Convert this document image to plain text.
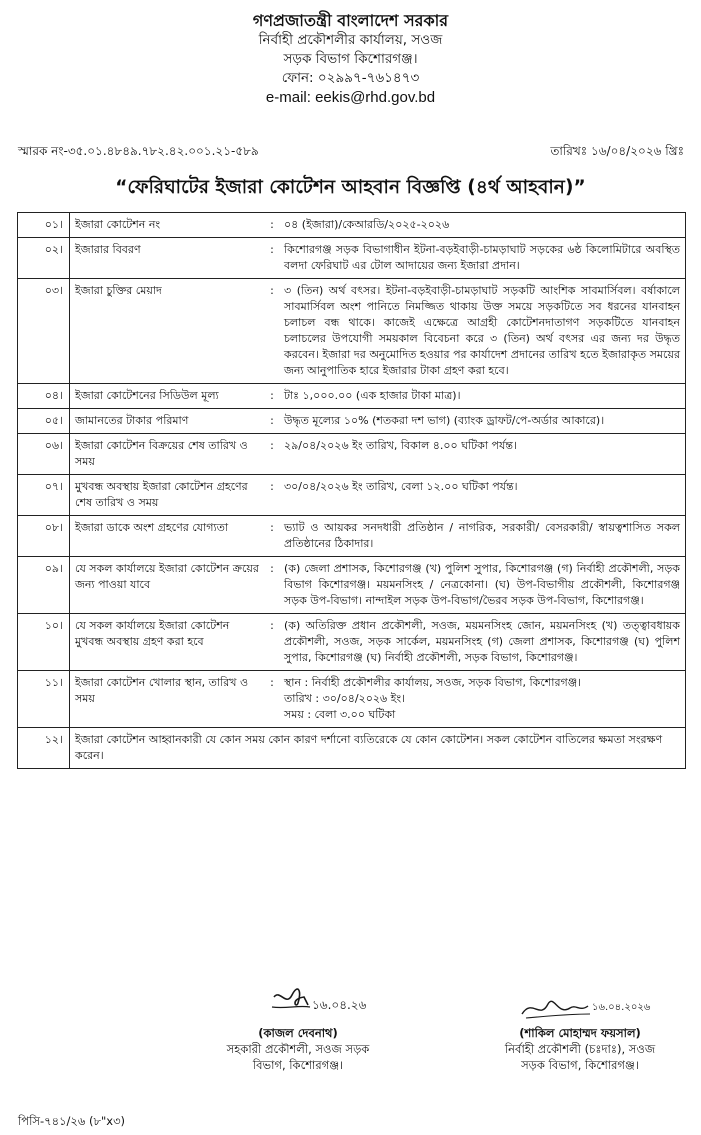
গণপ্রজাতন্ত্রী বাংলাদেশ সরকার
নির্বাহী প্রকৌশলীর কার্যালয়, সওজ
সড়ক বিভাগ কিশোরগঞ্জ।
ফোন: ০২৯৯৭-৭৬১৪৭৩
e-mail: eekis@rhd.gov.bd
স্মারক নং-৩৫.০১.৪৮৪৯.৭৮২.৪২.০০১.২১-৫৮৯	তারিখঃ ১৬/০৪/২০২৬ খ্রিঃ
“ফেরিঘাটের ইজারা কোটেশন আহবান বিজ্ঞপ্তি (৪র্থ আহবান)”
০১।	ইজারা কোটেশন নং	:	০৪ (ইজারা)/কেআরডি/২০২৫-২০২৬
০২।	ইজারার বিবরণ	:	কিশোরগঞ্জ সড়ক বিভাগাধীন ইটনা-বড়ইবাড়ী-চামড়াঘাট সড়কের ৬ষ্ঠ কিলোমিটারে অবস্থিত বলদা ফেরিঘাট এর টোল আদায়ের জন্য ইজারা প্রদান।
০৩।	ইজারা চুক্তির মেয়াদ	:	৩ (তিন) অর্থ বৎসর। ইটনা-বড়ইবাড়ী-চামড়াঘাট সড়কটি আংশিক সাবমার্সিবল। বর্ষাকালে সাবমার্সিবল অংশ পানিতে নিমজ্জিত থাকায় উক্ত সময়ে সড়কটিতে সব ধরনের যানবাহন চলাচল বন্ধ থাকে। কাজেই এক্ষেত্রে আগ্রহী কোটেশনদাতাগণ সড়কটিতে যানবাহন চলাচলের উপযোগী সময়কাল বিবেচনা করে ৩ (তিন) অর্থ বৎসর এর জন্য দর উদ্ধৃত করবেন। ইজারা দর অনুমোদিত হওয়ার পর কার্যাদেশ প্রদানের তারিখ হতে ইজারাকৃত সময়ের জন্য আনুপাতিক হারে ইজারার টাকা গ্রহণ করা হবে।
০৪।	ইজারা কোটেশনের সিডিউল মূল্য	:	টাঃ ১,০০০.০০ (এক হাজার টাকা মাত্র)।
০৫।	জামানতের টাকার পরিমাণ	:	উদ্ধৃত মূল্যের ১০% (শতকরা দশ ভাগ) (ব্যাংক ড্রাফট/পে-অর্ডার আকারে)।
০৬।	ইজারা কোটেশন বিক্রয়ের শেষ তারিখ ও সময়	:	২৯/০৪/২০২৬ ইং তারিখ, বিকাল ৪.০০ ঘটিকা পর্যন্ত।
০৭।	মুখবন্ধ অবস্থায় ইজারা কোটেশন গ্রহণের শেষ তারিখ ও সময়	:	৩০/০৪/২০২৬ ইং তারিখ, বেলা ১২.০০ ঘটিকা পর্যন্ত।
০৮।	ইজারা ডাকে অংশ গ্রহণের যোগ্যতা	:	ভ্যাট ও আয়কর সনদধারী প্রতিষ্ঠান / নাগরিক, সরকারী/ বেসরকারী/ স্বায়ত্বশাসিত সকল প্রতিষ্ঠানের ঠিকাদার।
০৯।	যে সকল কার্যালয়ে ইজারা কোটেশন ক্রয়ের জন্য পাওয়া যাবে	:	(ক) জেলা প্রশাসক, কিশোরগঞ্জ (খ) পুলিশ সুপার, কিশোরগঞ্জ (গ) নির্বাহী প্রকৌশলী, সড়ক বিভাগ কিশোরগঞ্জ। ময়মনসিংহ / নেত্রকোনা। (ঘ) উপ-বিভাগীয় প্রকৌশলী, কিশোরগঞ্জ সড়ক উপ-বিভাগ। নান্দাইল সড়ক উপ-বিভাগ/ভৈরব সড়ক উপ-বিভাগ, কিশোরগঞ্জ।
১০।	যে সকল কার্যালয়ে ইজারা কোটেশন মুখবন্ধ অবস্থায় গ্রহণ করা হবে	:	(ক) অতিরিক্ত প্রধান প্রকৌশলী, সওজ, ময়মনসিংহ জোন, ময়মনসিংহ (খ) তত্ত্বাবধায়ক প্রকৌশলী, সওজ, সড়ক সার্কেল, ময়মনসিংহ (গ) জেলা প্রশাসক, কিশোরগঞ্জ (ঘ) পুলিশ সুপার, কিশোরগঞ্জ (ঘ) নির্বাহী প্রকৌশলী, সড়ক বিভাগ, কিশোরগঞ্জ।
১১।	ইজারা কোটেশন খোলার স্থান, তারিখ ও সময়	:	স্থান : নির্বাহী প্রকৌশলীর কার্যালয়, সওজ, সড়ক বিভাগ, কিশোরগঞ্জ।
তারিখ : ৩০/০৪/২০২৬ ইং।
সময় : বেলা ৩.০০ ঘটিকা

১২।	ইজারা কোটেশন আহ্বানকারী যে কোন সময় কোন কারণ দর্শানো ব্যতিরেকে যে কোন কোটেশন। সকল কোটেশন বাতিলের ক্ষমতা সংরক্ষণ করেন।		
১৬.০৪.২৬
(কাজল দেবনাথ)
সহকারী প্রকৌশলী, সওজ সড়ক
বিভাগ, কিশোরগঞ্জ।
১৬.০৪.২০২৬
(শাকিল মোহাম্মদ ফয়সাল)
নির্বাহী প্রকৌশলী (চঃদাঃ), সওজ
সড়ক বিভাগ, কিশোরগঞ্জ।
পিসি-৭৪১/২৬ (৮"x৩)
